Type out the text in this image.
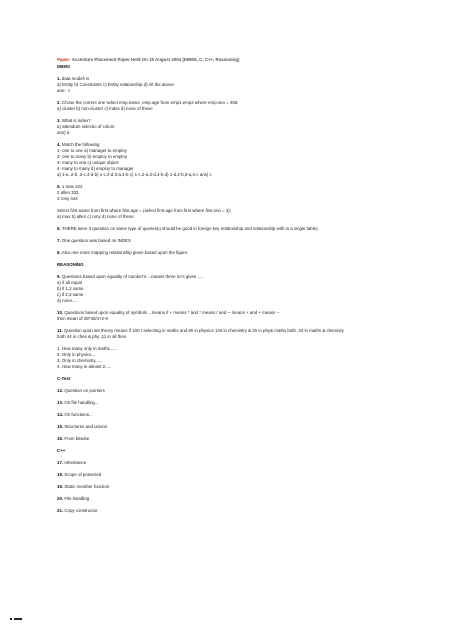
Paper: Accenture Placement Paper Held On 19 August 2004 (DBMS, C, C++, Reasoning)
DBMS
1. data model\ is
a) Entity b) Constraints c) Entity relationship d) All the above
ans:- c
2. Chose the correct one select emp.name ,emp.age from emp1,emp2 where emp.sno = 456;
a) cluster b) non-cluster c) index d) none of these
3. What is index?
a) attendum selectio of colum
ans) a
4. Match the following
1- one to one a) manager to employ
2- one to many b) employ to employ
3- many to one c) unique object
4- many to many d) employ to manager
a) 1-a ,2-b ,3-c,4-d b) 1-c,2-d,3-a,4-b c) 1-c,2-a,3-d,4-b d) 1-d,2-b,3-a,4-c ans) c
5. 1 max 222
2 allen 333
3 rony 444
Select first.name from first where first.age = (select first.age from first where first.sno = 3);
a) max b) allen c) rony d) none of these
6. THERE were 3 question on same type of queries(u should be good in foreign key relationship and relationship with in a single table).
7. One question was based on INDEX
8. Also one more mapping relationship given based upon the figure.
REASONING
9. Questions based upon equality of number's ...means three no's given .....
a) if all equal
b) if 1,2 same
c) if 2,3 same
d) none.....
10. Questions based upon equality of symbols ...means if + means * and * means / and -- means + and + means --
then mean of 28*40/4+2-6
11. Question upon set theory means if 100 r selecting in maths and 90 in physics 120 in chemistry & 20 in phy& maths both ,33 in maths & chemisty
both 44 in ches & phy ,11 in all then
1. How many only in maths......
2. Only in physics...
3. Only in chemistry......
4. How many in atleast 2.....
C-Test
12. Question on pointers
13. On file handling...
14. On functions...
15. Structures and unions
16. From bitwise
C++
17. Inheritance
18. Scope of protected
19. Static member function
20. File handling
21. Copy constructor
